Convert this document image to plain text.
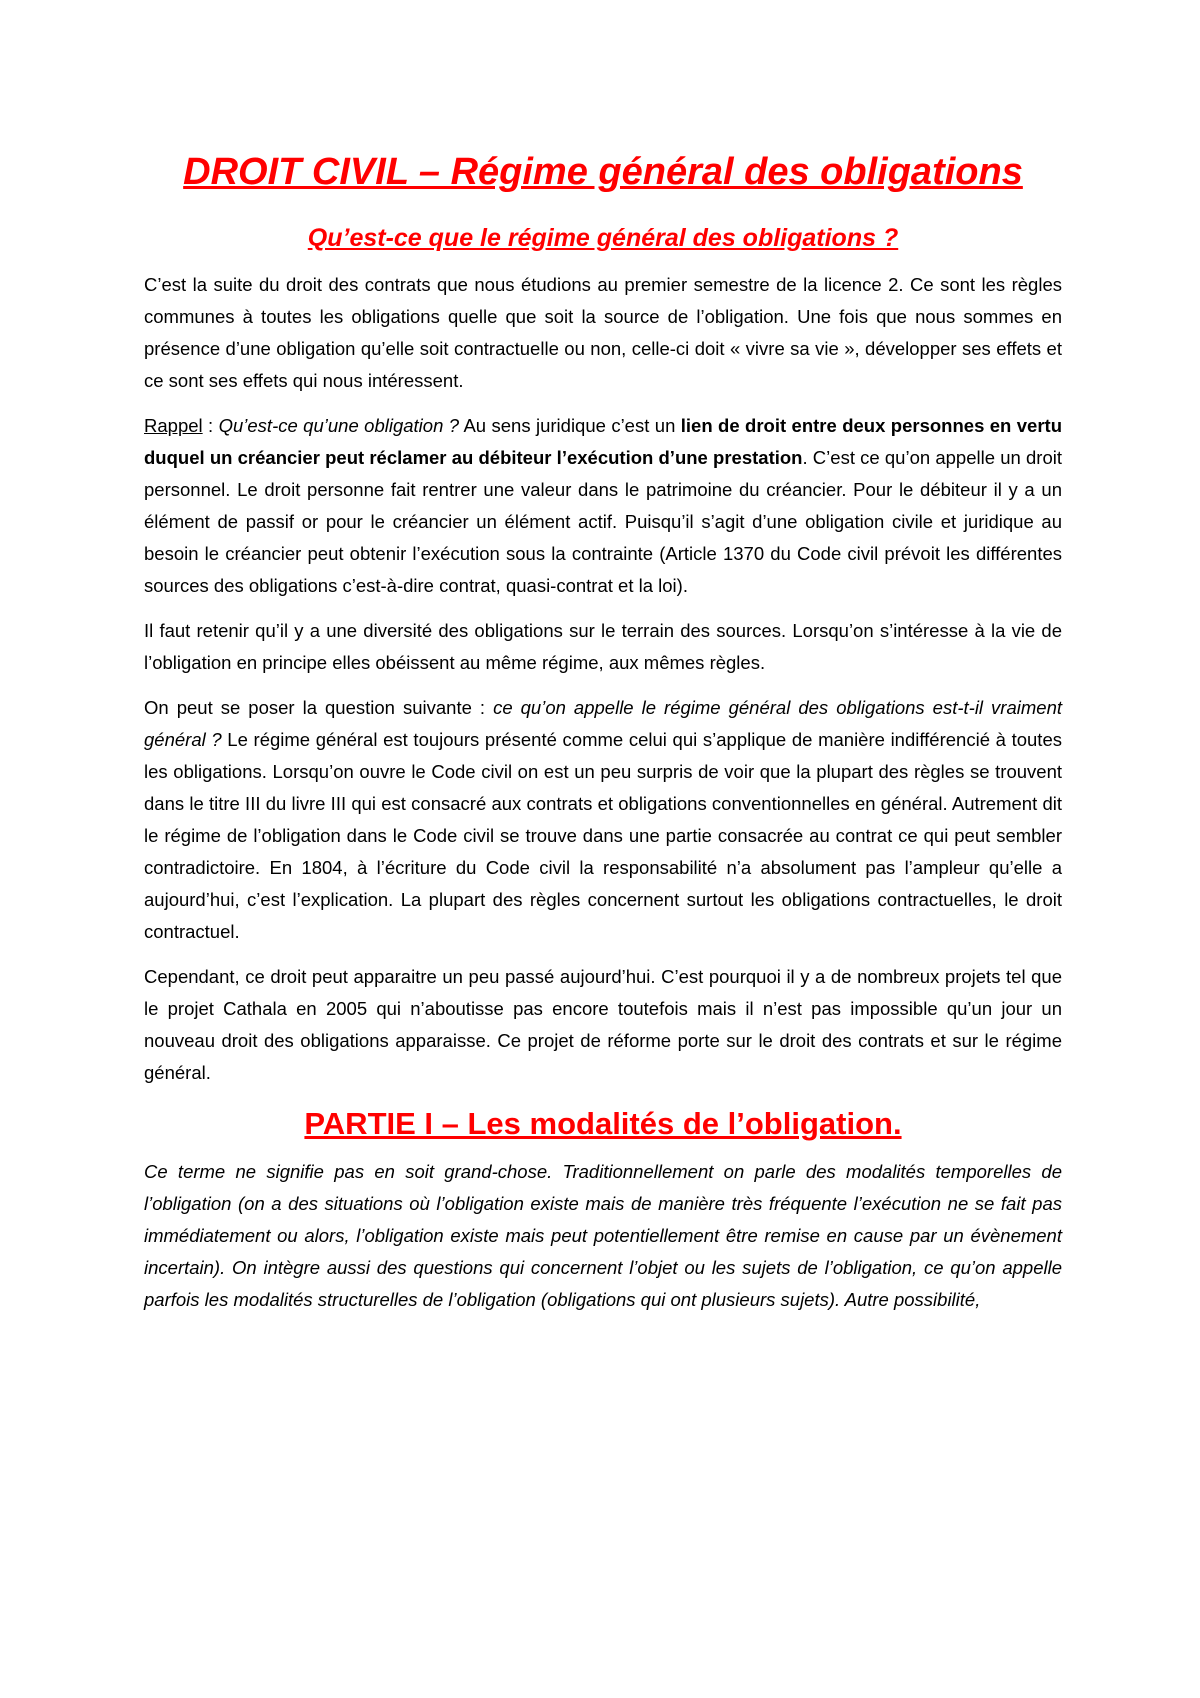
DROIT CIVIL – Régime général des obligations
Qu’est-ce que le régime général des obligations ?

C’est la suite du droit des contrats que nous étudions au premier semestre de la licence 2. Ce sont les règles communes à toutes les obligations quelle que soit la source de l’obligation. Une fois que nous sommes en présence d’une obligation qu’elle soit contractuelle ou non, celle-ci doit « vivre sa vie », développer ses effets et ce sont ses effets qui nous intéressent.

Rappel : Qu’est-ce qu’une obligation ? Au sens juridique c’est un lien de droit entre deux personnes en vertu duquel un créancier peut réclamer au débiteur l’exécution d’une prestation. C’est ce qu’on appelle un droit personnel. Le droit personne fait rentrer une valeur dans le patrimoine du créancier. Pour le débiteur il y a un élément de passif or pour le créancier un élément actif. Puisqu’il s’agit d’une obligation civile et juridique au besoin le créancier peut obtenir l’exécution sous la contrainte (Article 1370 du Code civil prévoit les différentes sources des obligations c’est-à-dire contrat, quasi-contrat et la loi).

Il faut retenir qu’il y a une diversité des obligations sur le terrain des sources. Lorsqu’on s’intéresse à la vie de l’obligation en principe elles obéissent au même régime, aux mêmes règles.

On peut se poser la question suivante : ce qu’on appelle le régime général des obligations est-t-il vraiment général ? Le régime général est toujours présenté comme celui qui s’applique de manière indifférencié à toutes les obligations. Lorsqu’on ouvre le Code civil on est un peu surpris de voir que la plupart des règles se trouvent dans le titre III du livre III qui est consacré aux contrats et obligations conventionnelles en général. Autrement dit le régime de l’obligation dans le Code civil se trouve dans une partie consacrée au contrat ce qui peut sembler contradictoire. En 1804, à l’écriture du Code civil la responsabilité n’a absolument pas l’ampleur qu’elle a aujourd’hui, c’est l’explication. La plupart des règles concernent surtout les obligations contractuelles, le droit contractuel.

Cependant, ce droit peut apparaitre un peu passé aujourd’hui. C’est pourquoi il y a de nombreux projets tel que le projet Cathala en 2005 qui n’aboutisse pas encore toutefois mais il n’est pas impossible qu’un jour un nouveau droit des obligations apparaisse. Ce projet de réforme porte sur le droit des contrats et sur le régime général.

PARTIE I – Les modalités de l’obligation.

Ce terme ne signifie pas en soit grand-chose. Traditionnellement on parle des modalités temporelles de l’obligation (on a des situations où l’obligation existe mais de manière très fréquente l’exécution ne se fait pas immédiatement ou alors, l’obligation existe mais peut potentiellement être remise en cause par un évènement incertain). On intègre aussi des questions qui concernent l’objet ou les sujets de l’obligation, ce qu’on appelle parfois les modalités structurelles de l’obligation (obligations qui ont plusieurs sujets). Autre possibilité,
